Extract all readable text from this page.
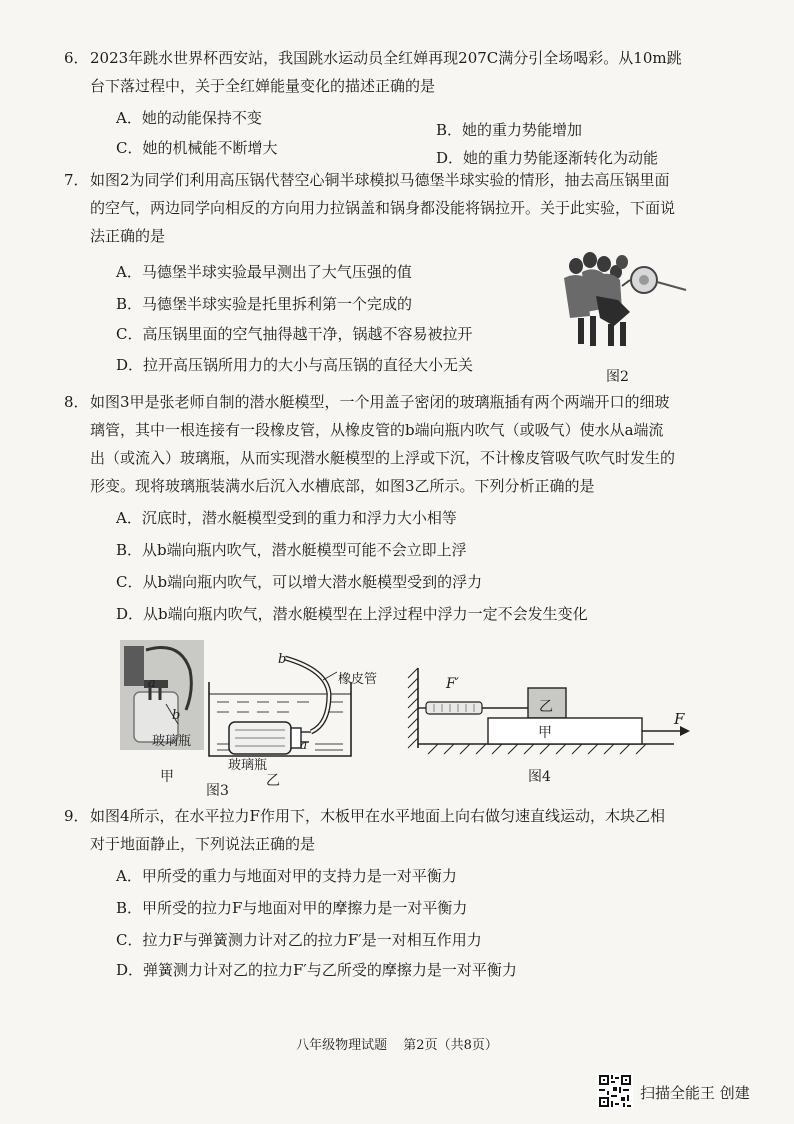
6． 2023年跳水世界杯西安站，我国跳水运动员全红婵再现207C满分引全场喝彩。从10m跳
台下落过程中，关于全红婵能量变化的描述正确的是
A．她的动能保持不变
B．她的重力势能增加
C．她的机械能不断增大
D．她的重力势能逐渐转化为动能
7． 如图2为同学们利用高压锅代替空心铜半球模拟马德堡半球实验的情形，抽去高压锅里面
的空气，两边同学向相反的方向用力拉锅盖和锅身都没能将锅拉开。关于此实验，下面说
法正确的是
A．马德堡半球实验最早测出了大气压强的值
B．马德堡半球实验是托里拆利第一个完成的
C．高压锅里面的空气抽得越干净，锅越不容易被拉开
D．拉开高压锅所用力的大小与高压锅的直径大小无关
图2
8． 如图3甲是张老师自制的潜水艇模型，一个用盖子密闭的玻璃瓶插有两个两端开口的细玻
璃管，其中一根连接有一段橡皮管，从橡皮管的b端向瓶内吹气（或吸气）使水从a端流
出（或流入）玻璃瓶，从而实现潜水艇模型的上浮或下沉，不计橡皮管吸气吹气时发生的
形变。现将玻璃瓶装满水后沉入水槽底部，如图3乙所示。下列分析正确的是
A．沉底时，潜水艇模型受到的重力和浮力大小相等
B．从b端向瓶内吹气，潜水艇模型可能不会立即上浮
C．从b端向瓶内吹气，可以增大潜水艇模型受到的浮力
D．从b端向瓶内吹气，潜水艇模型在上浮过程中浮力一定不会发生变化
a
b
玻璃瓶
甲
b
橡皮管
a
玻璃瓶
乙
图3
F′
乙
甲
F
图4
9． 如图4所示，在水平拉力F作用下，木板甲在水平地面上向右做匀速直线运动，木块乙相
对于地面静止，下列说法正确的是
A．甲所受的重力与地面对甲的支持力是一对平衡力
B．甲所受的拉力F与地面对甲的摩擦力是一对平衡力
C．拉力F与弹簧测力计对乙的拉力F′是一对相互作用力
D．弹簧测力计对乙的拉力F′与乙所受的摩擦力是一对平衡力
八年级物理试题 第2页（共8页）
扫描全能王 创建
